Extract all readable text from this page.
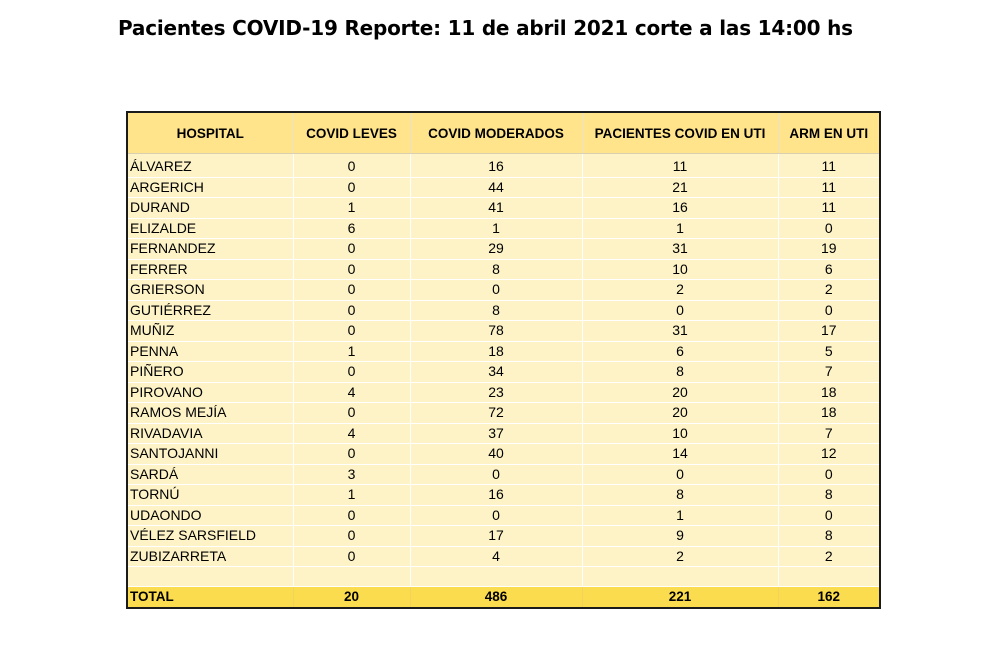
Pacientes COVID-19 Reporte: 11 de abril 2021 corte a las 14:00 hs
HOSPITAL	COVID LEVES	COVID MODERADOS	PACIENTES COVID EN UTI	ARM EN UTI
ÁLVAREZ	0	16	11	11
ARGERICH	0	44	21	11
DURAND	1	41	16	11
ELIZALDE	6	1	1	0
FERNANDEZ	0	29	31	19
FERRER	0	8	10	6
GRIERSON	0	0	2	2
GUTIÉRREZ	0	8	0	0
MUÑIZ	0	78	31	17
PENNA	1	18	6	5
PIÑERO	0	34	8	7
PIROVANO	4	23	20	18
RAMOS MEJÍA	0	72	20	18
RIVADAVIA	4	37	10	7
SANTOJANNI	0	40	14	12
SARDÁ	3	0	0	0
TORNÚ	1	16	8	8
UDAONDO	0	0	1	0
VÉLEZ SARSFIELD	0	17	9	8
ZUBIZARRETA	0	4	2	2

TOTAL	20	486	221	162
